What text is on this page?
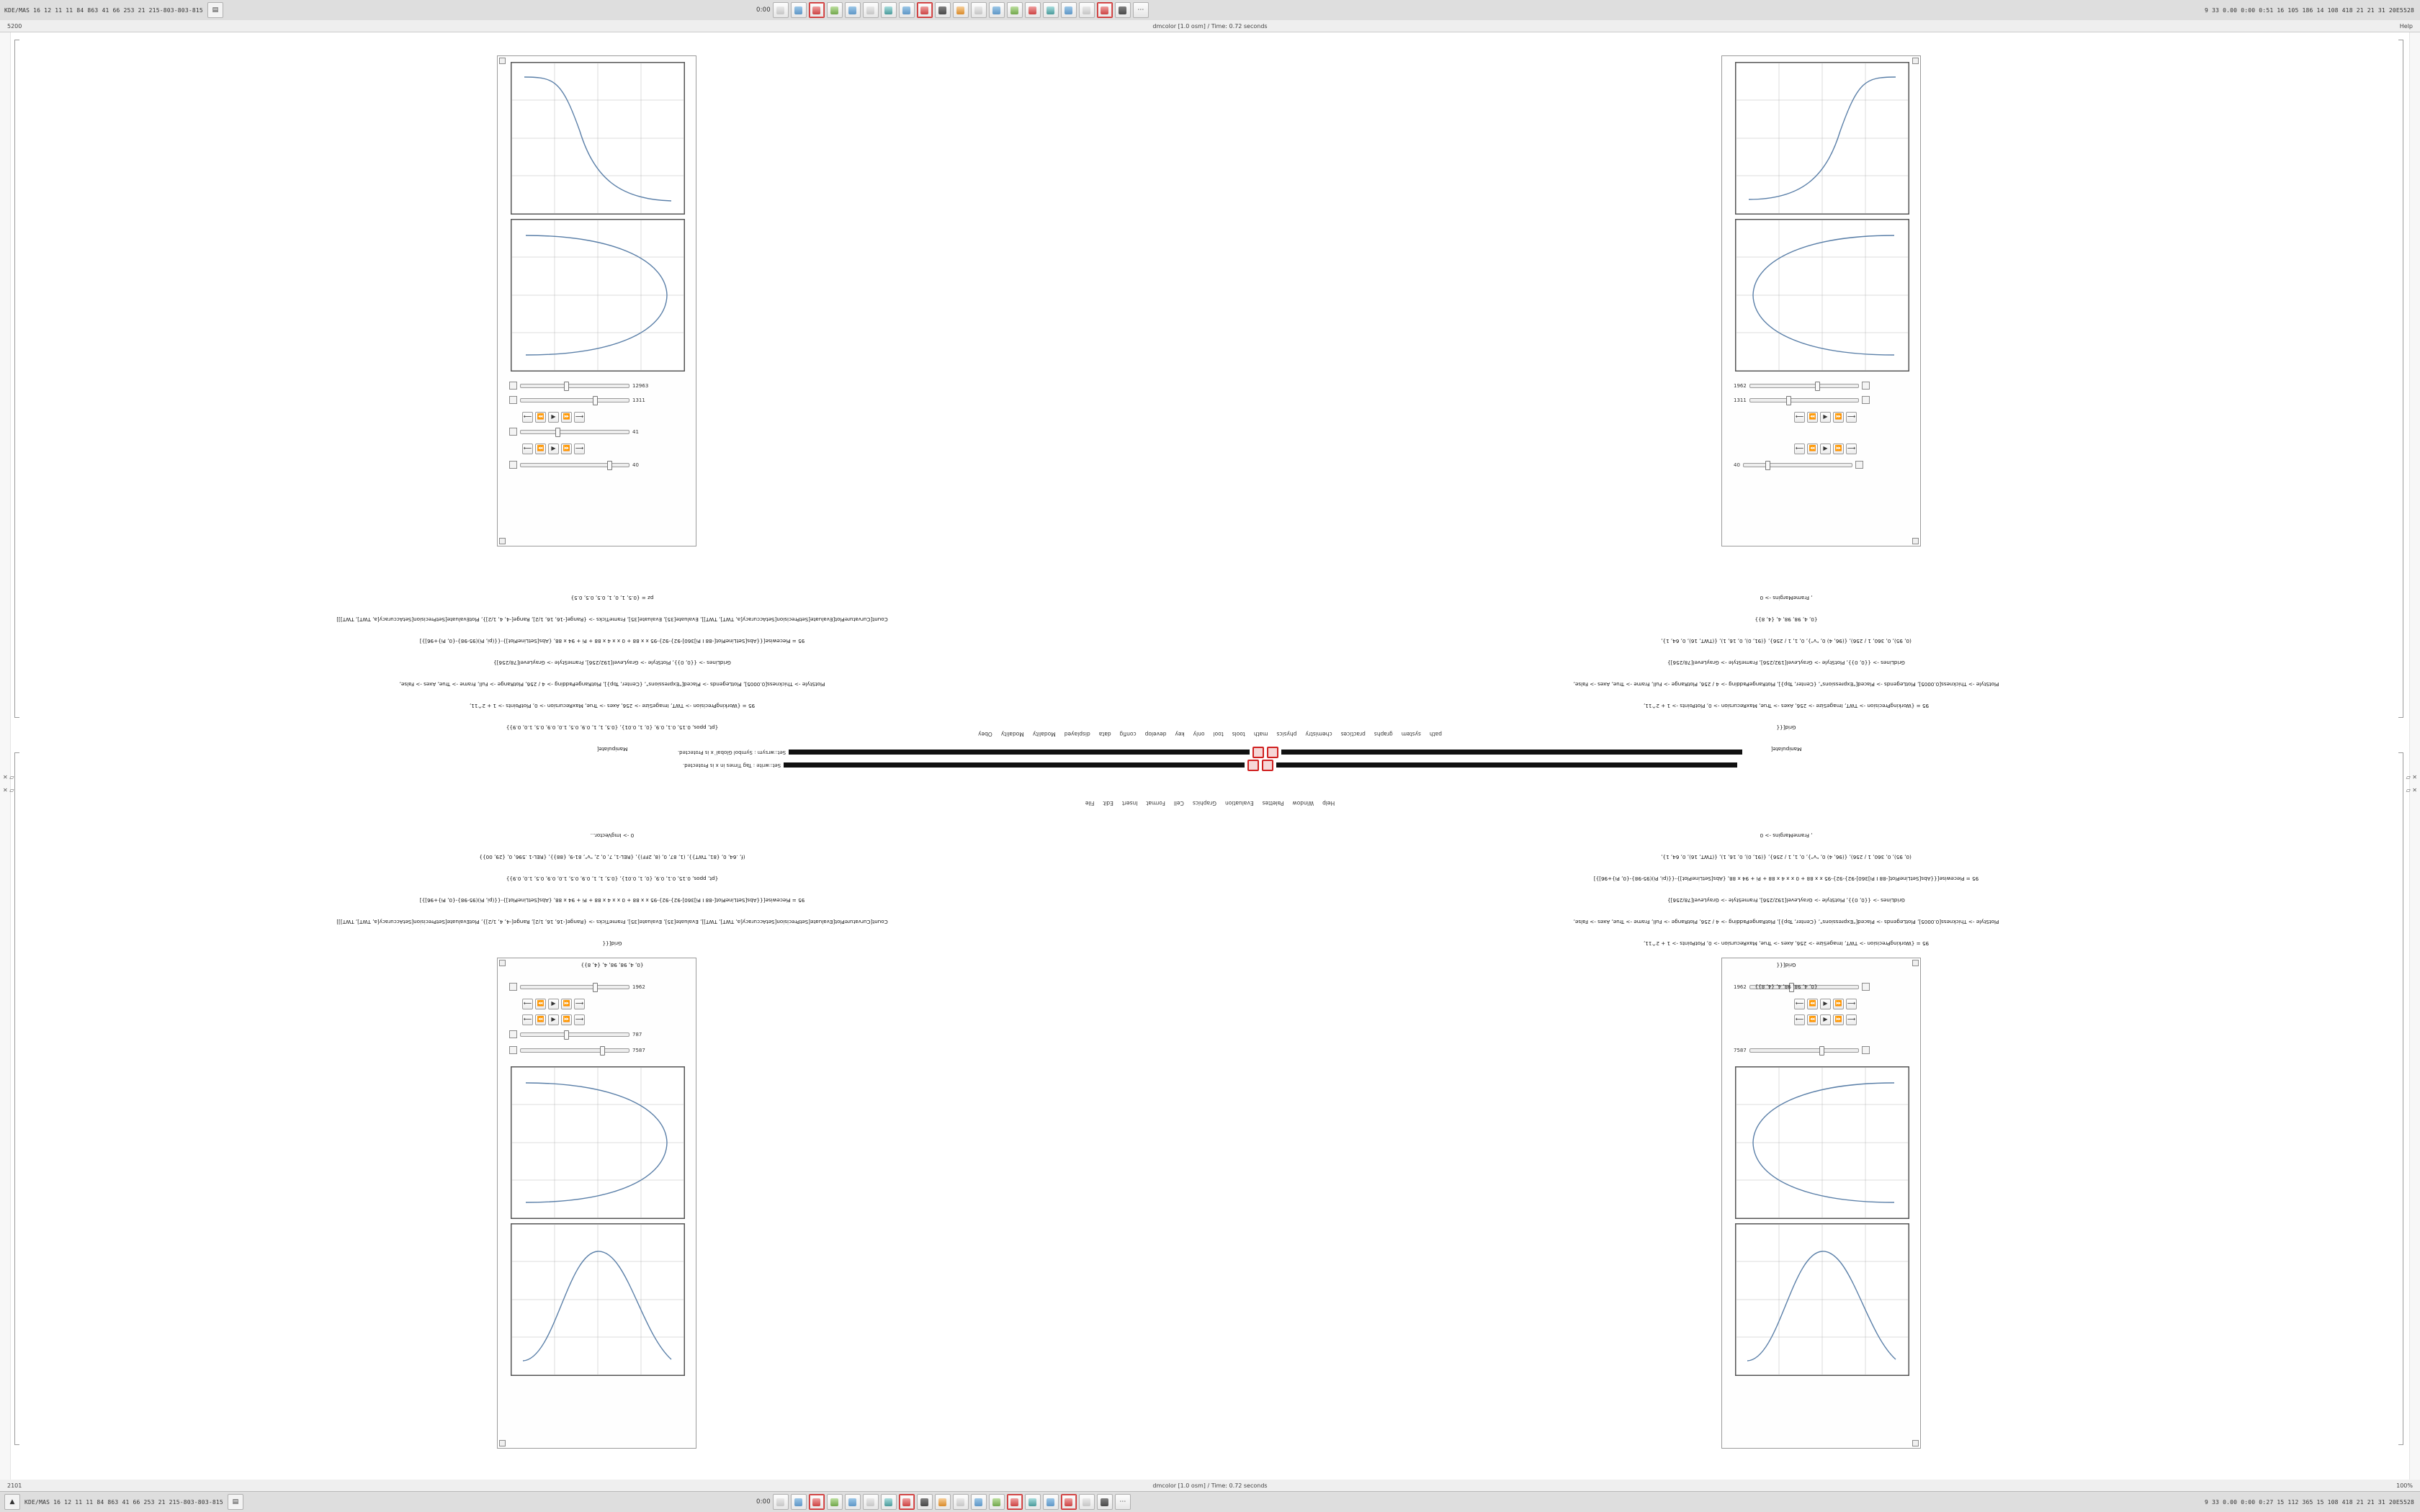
KDE/MAS 16 12 11 11 84 863 41 66 253 21 215-803-803-815	▤	0:00	⋯	9 33 0.00 0:00 0:51 16 105 186 14 108 418 21 21 31 20E5528
5200	dmcolor [1.0 osm] / Time: 0.72 seconds	Help
12963
1311
⟵ ⏪	▶	⏩ ⟶
41
⟵ ⏪	▶	⏩ ⟶
40
1962
1311
⟵ ⏪	▶	⏩ ⟶
⟵ ⏪	▶	⏩ ⟶
40
1962
⟵ ⏪	▶	⏩ ⟶
⟵ ⏪	▶	⏩ ⟶
787
7587
1962
⟵ ⏪	▶	⏩ ⟶
⟵ ⏪	▶	⏩ ⟶
7587

Manipulate[

{pt, ppos, 0.15, 0.1, 0.9, {0, 1, 0.01}, {0.5, 1, 1, 0.9, 0.5, 1.0, 0.9, 0.5, 1.0, 0.9}}

95 = {WorkingPrecision -> TWT, ImageSize -> 256, Axes -> True, MaxRecursion -> 0, PlotPoints -> 1 + 2^11,

PlotStyle -> Thickness[0.0005], PlotLegends -> Placed["Expressions", {Center, Top}], PlotRangePadding -> 4 / 256, PlotRange -> Full, Frame -> True, Axes -> False,

GridLines -> {{0, 0}}, PlotStyle -> GrayLevel[192/256], FrameStyle -> GrayLevel[78/256]}

95 = Piecewise[{{Abs[SetLinePlot[-88 I Pi]360]-92}-92}-95 x x 88 + 0 x x 4 x 88 + Pi + 94 x 88, {Abs[SetLinePlot]}-{{(pi, Pi)(95-98}-{0, Pi}+96]}]

Count[CurvaturePlot[Evaluate[SetPrecision[SetAccuracy[a, TWT], TWT]], Evaluate[35], Evaluate[35], FrameTicks -> {Range[-16, 16, 1/2], Range[-4, 4, 1/2]}, PlotEvaluate[SetPrecision[SetAccuracy[a, TWT], TWT]]]

pz = {0.5, 1, 0, 1, 0.5, 0.5, 0.5}

Manipulate[

Grid[{{

95 = {WorkingPrecision -> TWT, ImageSize -> 256, Axes -> True, MaxRecursion -> 0, PlotPoints -> 1 + 2^11,

PlotStyle -> Thickness[0.0005], PlotLegends -> Placed["Expressions", {Center, Top}], PlotRangePadding -> 4 / 256, PlotRange -> Full, Frame -> True, Axes -> False,

GridLines -> {{0, 0}}, PlotStyle -> GrayLevel[192/256], FrameStyle -> GrayLevel[78/256]}

(0, 95), 0, 360, 1 / 256), {(96, 4) 0, "v"}, 0, 1, 1 / 256}, {(91, 0), 0, 16, 1), {(TWT, 16), 0, 64, 1},

{0, 4, 98, 98, 4, {4, 8}}

, FrameMargins -> 0

path
system
graphs
practices
chemistry
physics
math
tools
tool
only
key
develop
config
data
displayed
Modality
Modality
Obey
Set::wrsym : Symbol Global`x is Protected.
Set::write : Tag Times in x is Protected.
Help
Window
Palettes
Evaluation
Graphics
Cell
Format
Insert
Edit
File

{0, 4, 98, 98, 4, {4, 8}}

Grid[{{

Count[CurvaturePlot[Evaluate[SetPrecision[SetAccuracy[a, TWT], TWT]], Evaluate[35], Evaluate[35], FrameTicks -> {Range[-16, 16, 1/2], Range[-4, 4, 1/2]}, PlotEvaluate[SetPrecision[SetAccuracy[a, TWT], TWT]]]

95 = Piecewise[{{Abs[SetLinePlot[-88 I Pi]360]-92}-92}-95 x x 88 + 0 x x 4 x 88 + Pi + 94 x 88, {Abs[SetLinePlot]}-{{(pi, Pi)(95-98}-{0, Pi}+96]}]

{pt, ppos, 0.15, 0.1, 0.9, {0, 1, 0.01}, {0.5, 1, 1, 0.9, 0.5, 1.0, 0.9, 0.5, 1.0, 0.9}}

(f, .64, 0, {81, TWT}}, (1, 87, 0, (8, 2FF)}, {REL-1, 7, 0, 2, "v", 81-9, {88}}, {REL-1 .596, 0, {29, 00}}

0 -> ImgVector...

{0, 4, 98, 98, 4, {4, 8}}

Grid[{{

95 = {WorkingPrecision -> TWT, ImageSize -> 256, Axes -> True, MaxRecursion -> 0, PlotPoints -> 1 + 2^11,

PlotStyle -> Thickness[0.0005], PlotLegends -> Placed["Expressions", {Center, Top}], PlotRangePadding -> 4 / 256, PlotRange -> Full, Frame -> True, Axes -> False,

GridLines -> {{0, 0}}, PlotStyle -> GrayLevel[192/256], FrameStyle -> GrayLevel[78/256]}

95 = Piecewise[{{Abs[SetLinePlot[-88 I Pi]360]-92}-92}-95 x x 88 + 0 x x 4 x 88 + Pi + 94 x 88, {Abs[SetLinePlot]}-{{(pi, Pi)(95-98}-{0, Pi}+96]}]

(0, 95), 0, 360, 1 / 256), {(96, 4) 0, "v"}, 0, 1, 1 / 256}, {(91, 0), 0, 16, 1), {(TWT, 16), 0, 64, 1},

, FrameMargins -> 0

✕ ▱
✕ ▱
▱ ✕
▱ ✕
2101	dmcolor [1.0 osm] / Time: 0.72 seconds	100%
▲	KDE/MAS 16 12 11 11 84 863 41 66 253 21 215-803-803-815	▤	0:00	⋯	9 33 0.00 0:00 0:27 15 112 365 15 108 418 21 21 31 20E5528
